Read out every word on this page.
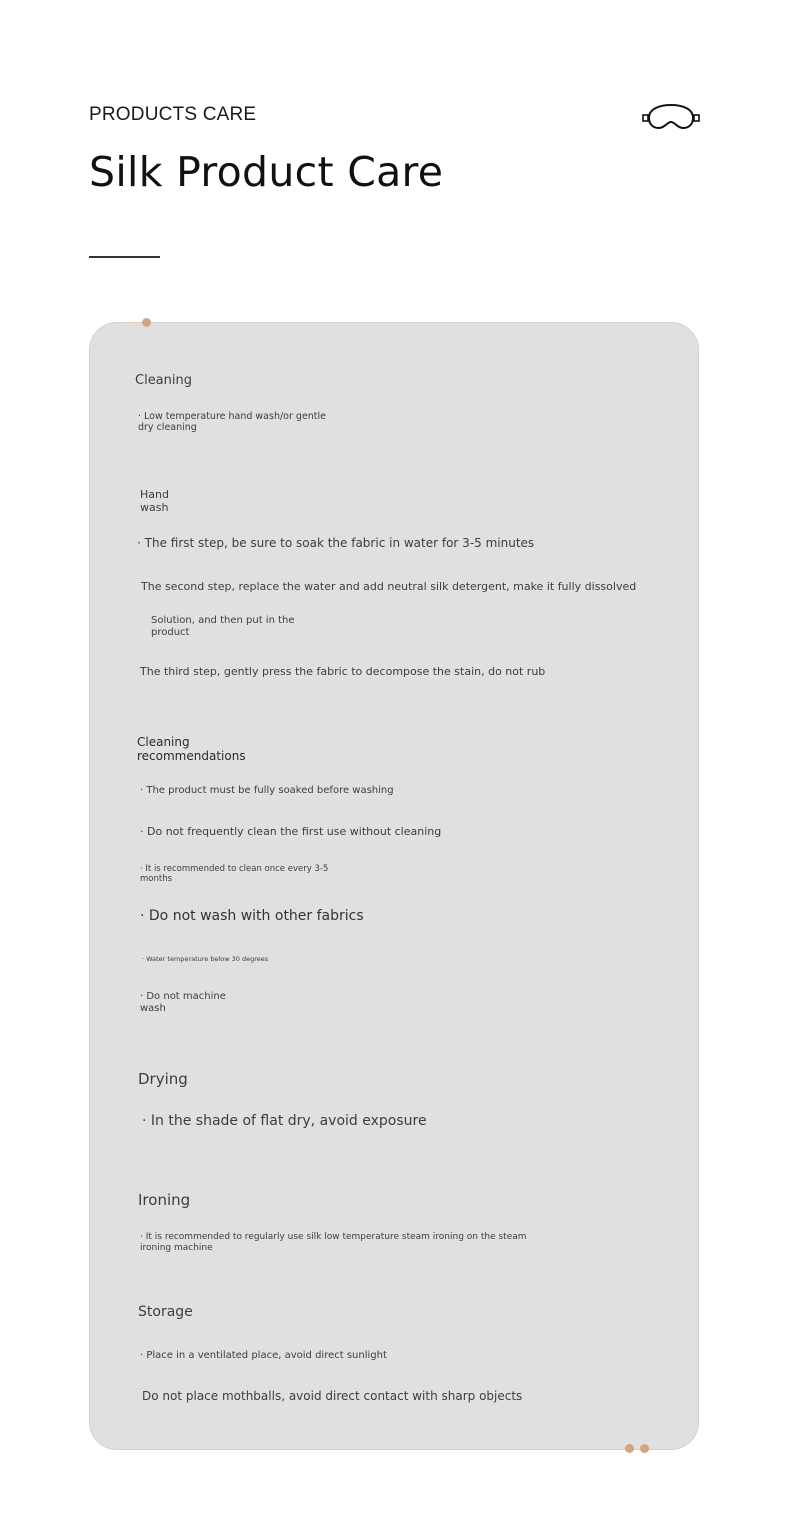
PRODUCTS CARE
Silk Product Care
Cleaning
· Low temperature hand wash/or gentle dry cleaning
Hand wash
· The first step, be sure to soak the fabric in water for 3-5 minutes
The second step, replace the water and add neutral silk detergent, make it fully dissolved
Solution, and then put in the product
The third step, gently press the fabric to decompose the stain, do not rub
Cleaning recommendations
· The product must be fully soaked before washing
· Do not frequently clean the first use without cleaning
· It is recommended to clean once every 3-5 months
· Do not wash with other fabrics
· Water temperature below 30 degrees
· Do not machine wash
Drying
· In the shade of flat dry, avoid exposure
Ironing
· It is recommended to regularly use silk low temperature steam ironing on the steam ironing machine
Storage
· Place in a ventilated place, avoid direct sunlight
Do not place mothballs, avoid direct contact with sharp objects
